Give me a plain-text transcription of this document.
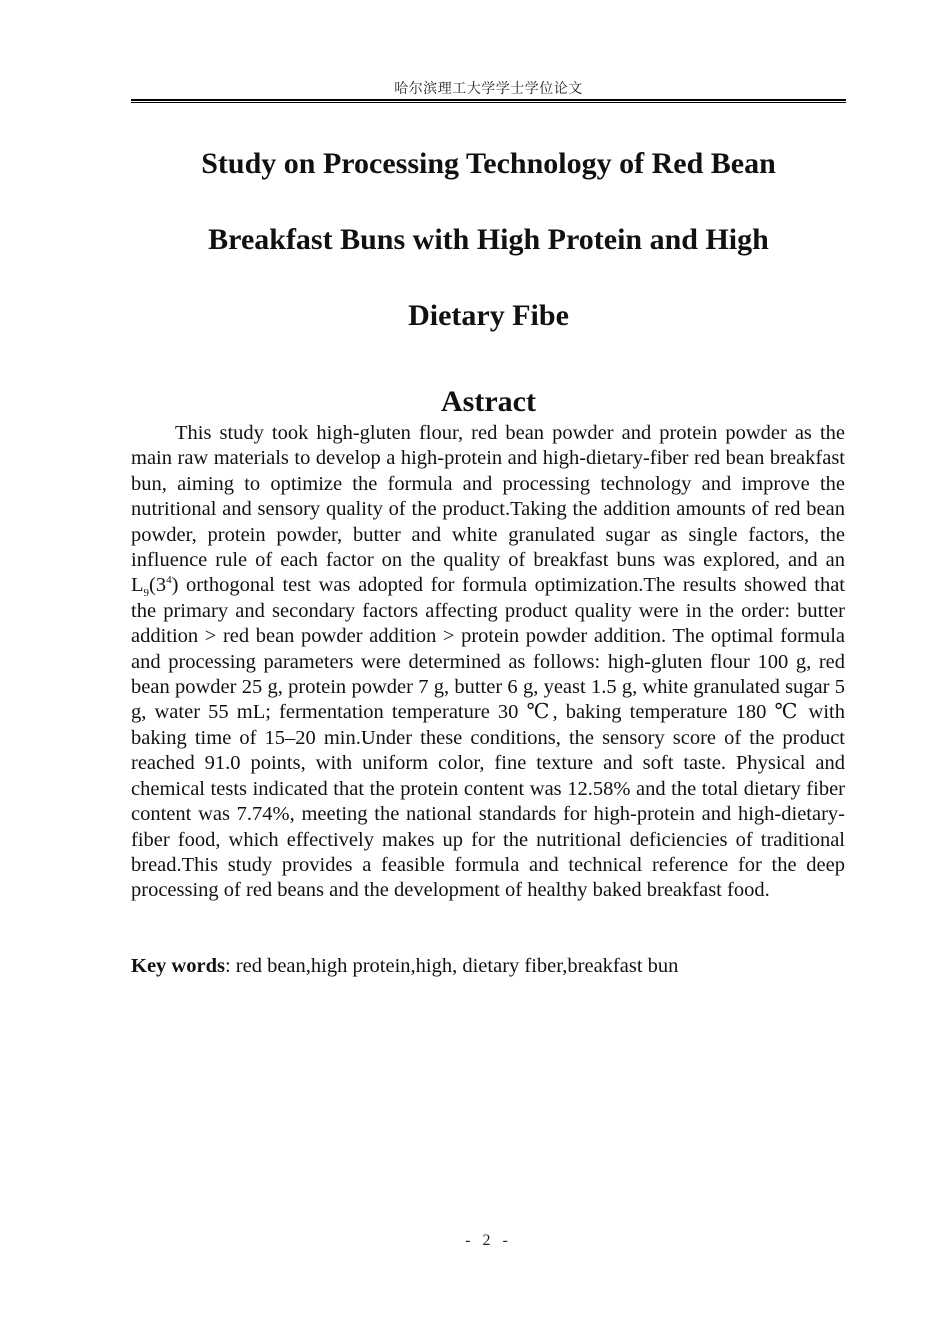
哈尔滨理工大学学士学位论文
Study on Processing Technology of Red Bean
Breakfast Buns with High Protein and High
Dietary Fibe
Astract

This study took high-gluten flour, red bean powder and protein powder as the main raw materials to develop a high-protein and high-dietary-fiber red bean breakfast bun, aiming to optimize the formula and processing technology and improve the nutritional and sensory quality of the product.Taking the addition amounts of red bean powder, protein powder, butter and white granulated sugar as single factors, the influence rule of each factor on the quality of breakfast buns was explored, and an $L_9(3^4)$ orthogonal test was adopted for formula optimization.The results showed that the primary and secondary factors affecting product quality were in the order: butter addition > red bean powder addition > protein powder addition. The optimal formula and processing parameters were determined as follows: high-gluten flour 100 g, red bean powder 25 g, protein powder 7 g, butter 6 g, yeast 1.5 g, white granulated sugar 5 g, water 55 mL; fermentation temperature 30 ℃, baking temperature 180 ℃ with baking time of 15–20 min.Under these conditions, the sensory score of the product reached 91.0 points, with uniform color, fine texture and soft taste. Physical and chemical tests indicated that the protein content was 12.58% and the total dietary fiber content was 7.74%, meeting the national standards for high-protein and high-dietary-fiber food, which effectively makes up for the nutritional deficiencies of traditional bread.This study provides a feasible formula and technical reference for the deep processing of red beans and the development of healthy baked breakfast food.

Key words: red bean,high protein,high, dietary fiber,breakfast bun

- 2 -
